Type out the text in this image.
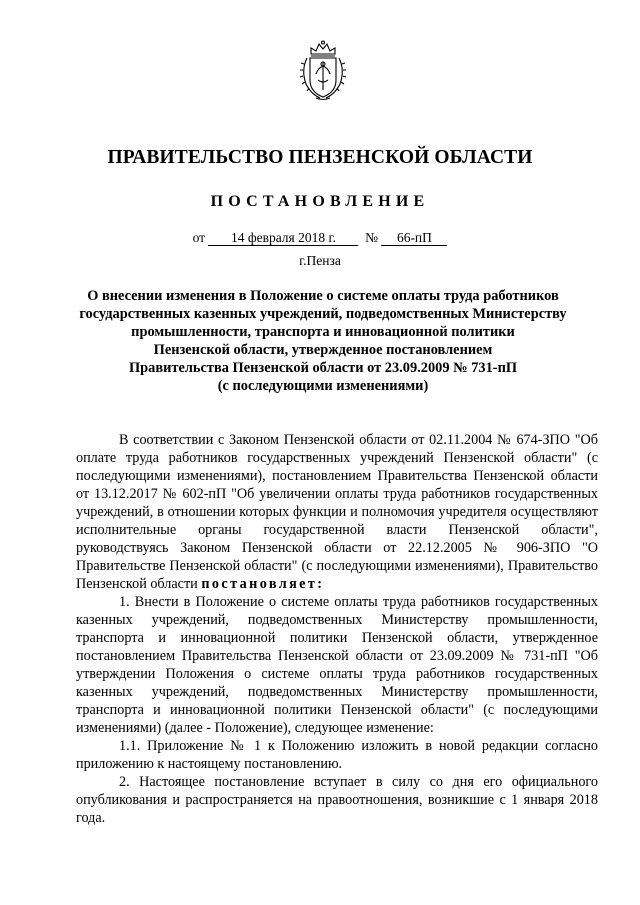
ПРАВИТЕЛЬСТВО ПЕНЗЕНСКОЙ ОБЛАСТИ
ПОСТАНОВЛЕНИЕ
от 14 февраля 2018 г. № 66-пП
г.Пенза
О внесении изменения в Положение о системе оплаты труда работников
государственных казенных учреждений, подведомственных Министерству
промышленности, транспорта и инновационной политики
Пензенской области, утвержденное постановлением
Правительства Пензенской области от 23.09.2009 № 731-пП
(с последующими изменениями)

В соответствии с Законом Пензенской области от 02.11.2004 № 674-ЗПО "Об оплате труда работников государственных учреждений Пензенской области" (с последующими изменениями), постановлением Правительства Пензенской области от 13.12.2017 № 602-пП "Об увеличении оплаты труда работников государственных учреждений, в отношении которых функции и полномочия учредителя осуществляют исполнительные органы государственной власти Пензенской области", руководствуясь Законом Пензенской области от 22.12.2005 № 906-ЗПО "О Правительстве Пензенской области" (с последующими изменениями), Правительство Пензенской области постановляет:

1. Внести в Положение о системе оплаты труда работников государственных казенных учреждений, подведомственных Министерству промышленности, транспорта и инновационной политики Пензенской области, утвержденное постановлением Правительства Пензенской области от 23.09.2009 № 731-пП "Об утверждении Положения о системе оплаты труда работников государственных казенных учреждений, подведомственных Министерству промышленности, транспорта и инновационной политики Пензенской области" (с последующими изменениями) (далее - Положение), следующее изменение:

1.1. Приложение № 1 к Положению изложить в новой редакции согласно приложению к настоящему постановлению.

2. Настоящее постановление вступает в силу со дня его официального опубликования и распространяется на правоотношения, возникшие с 1 января 2018 года.
